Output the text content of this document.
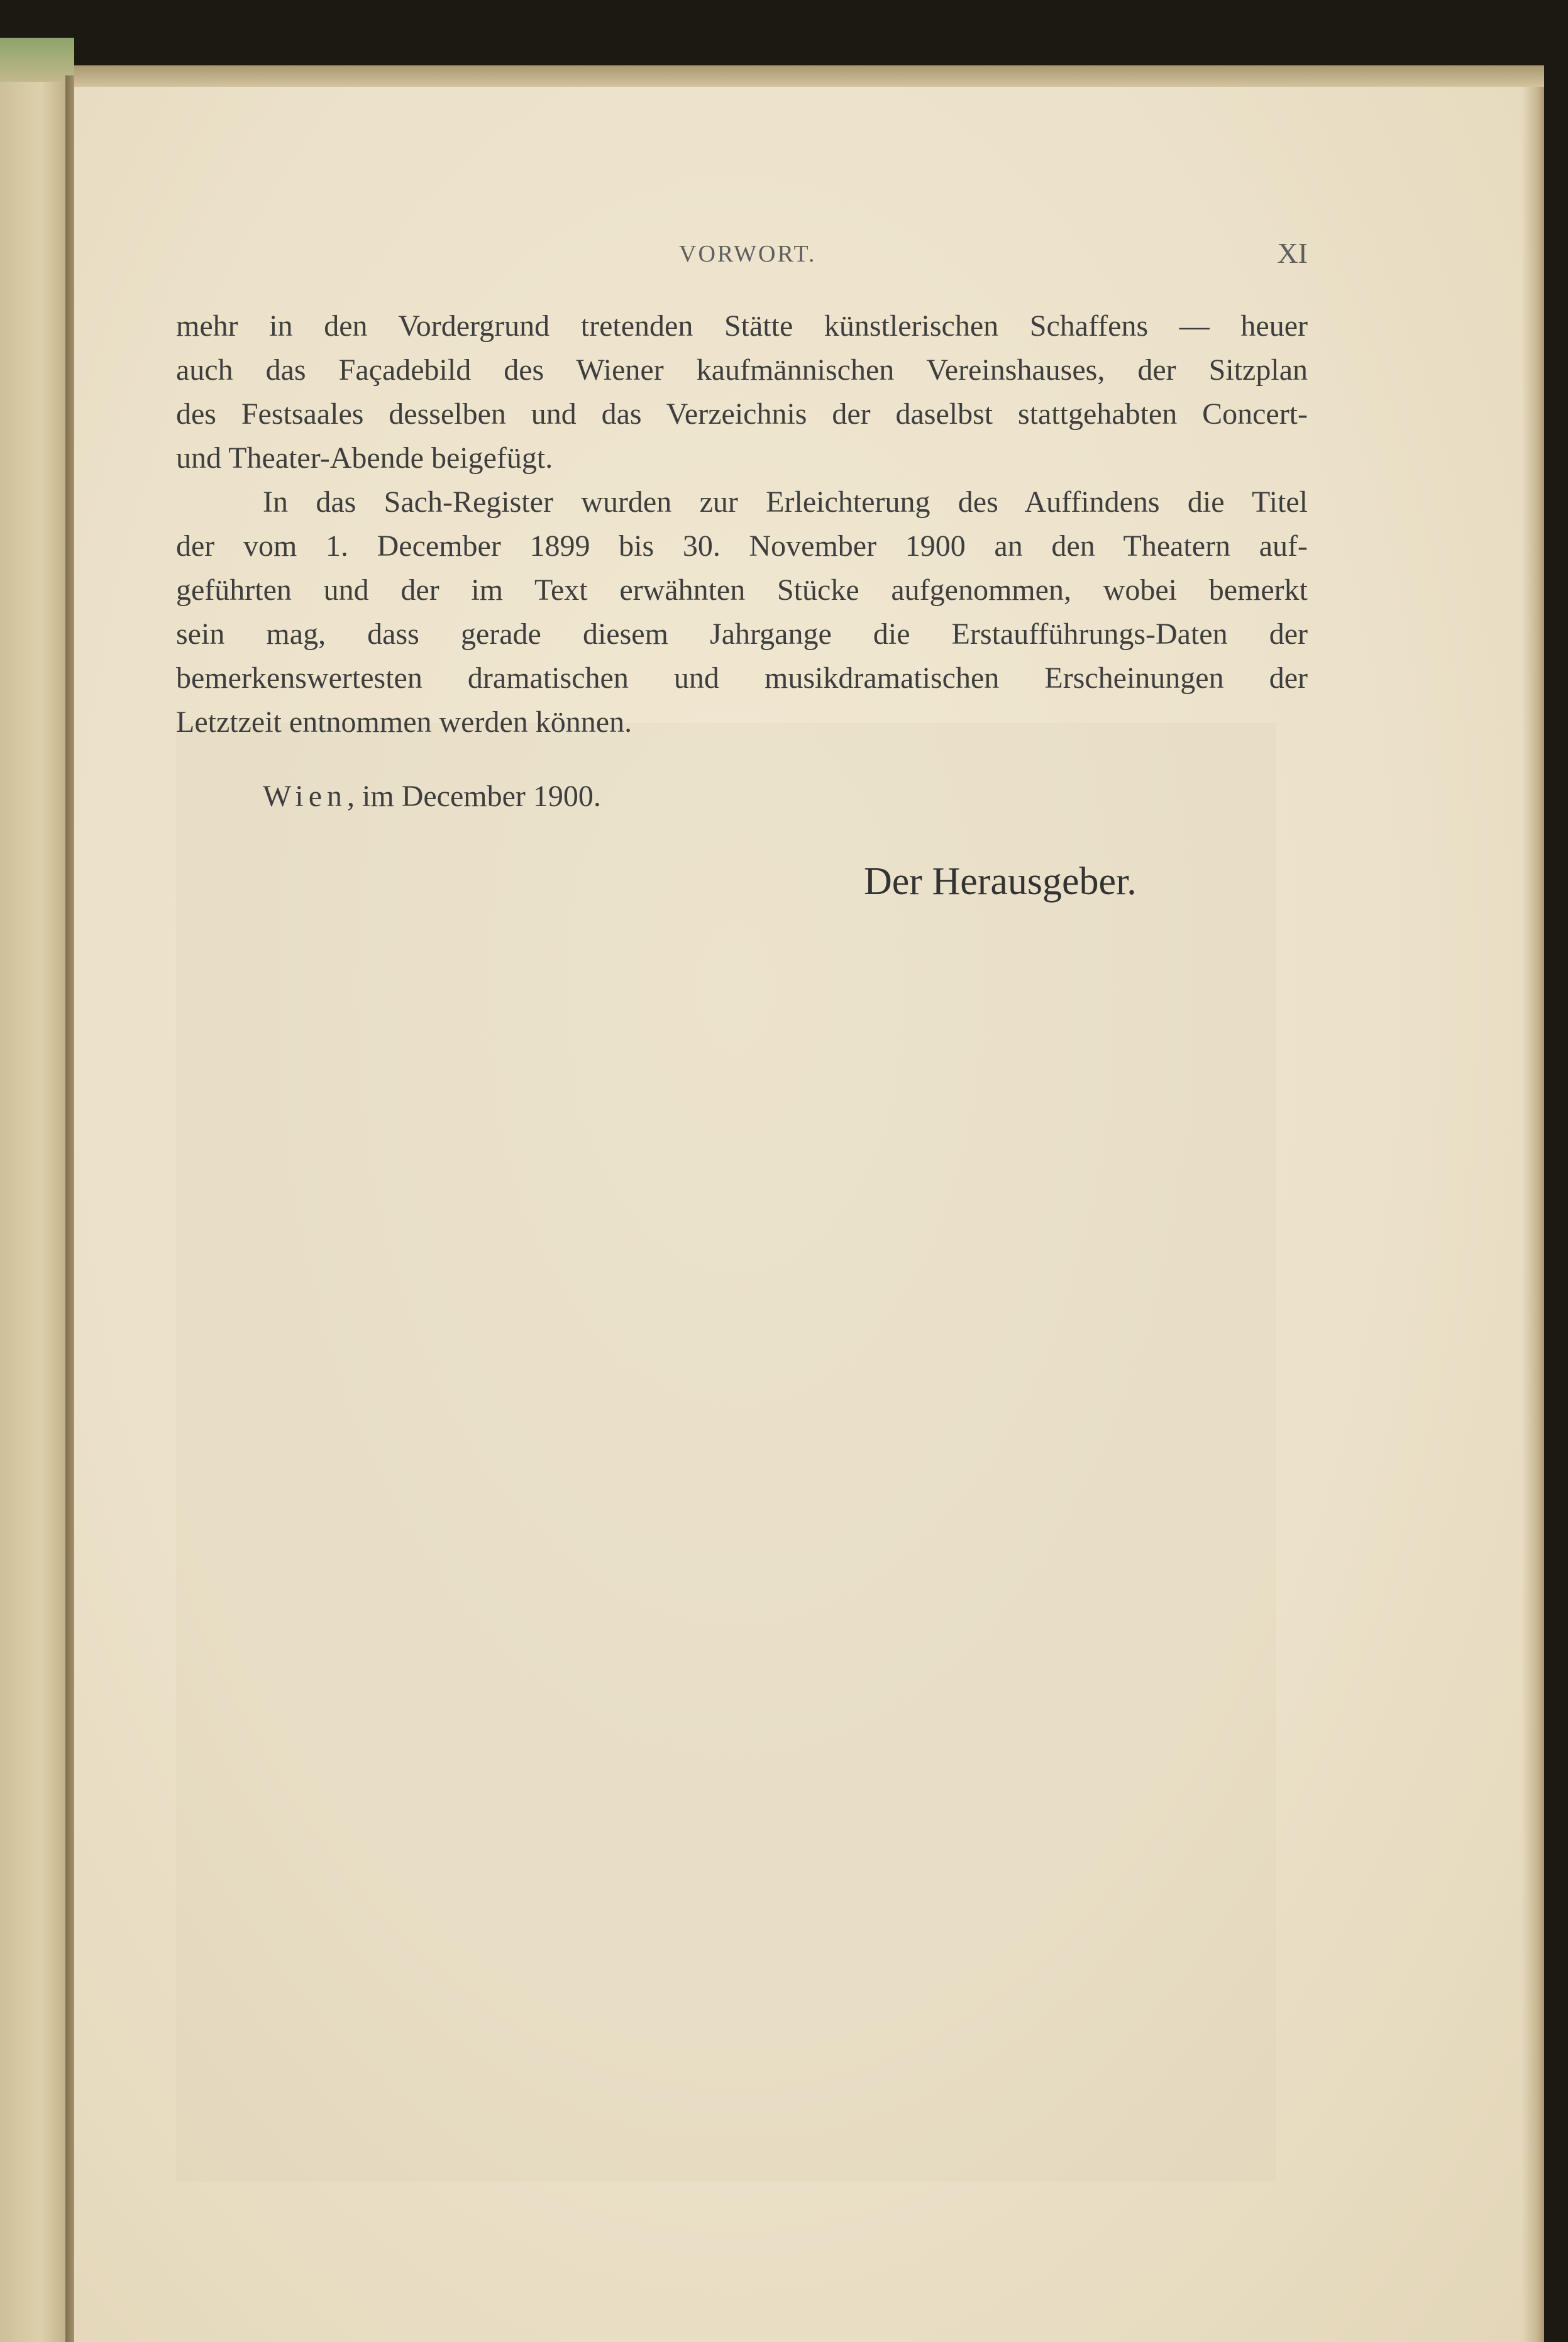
VORWORT.	XI
mehr in den Vordergrund tretenden Stätte künstlerischen Schaffens — heuer
auch das Façadebild des Wiener kaufmännischen Vereinshauses, der Sitzplan
des Festsaales desselben und das Verzeichnis der daselbst stattgehabten Concert-
und Theater-Abende beigefügt.
In das Sach-Register wurden zur Erleichterung des Auffindens die Titel
der vom 1. December 1899 bis 30. November 1900 an den Theatern auf-
geführten und der im Text erwähnten Stücke aufgenommen, wobei bemerkt
sein mag, dass gerade diesem Jahrgange die Erstaufführungs-Daten der
bemerkenswertesten dramatischen und musikdramatischen Erscheinungen der
Letztzeit entnommen werden können.
Wien, im December 1900.
Der Herausgeber.
